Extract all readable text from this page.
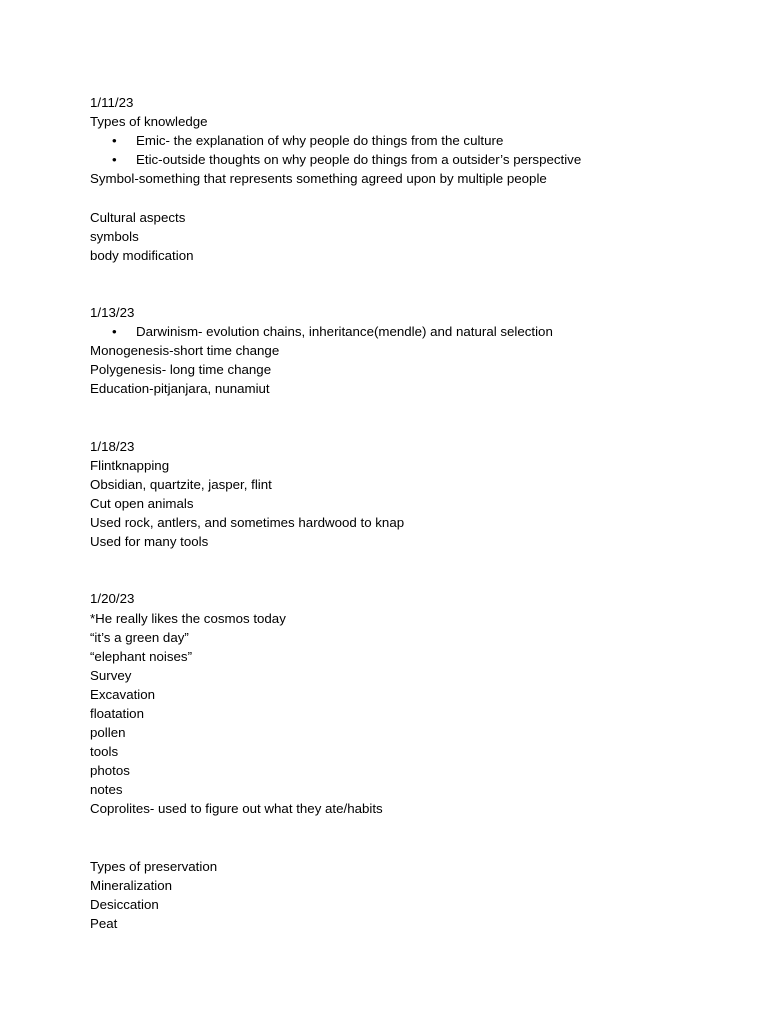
1/11/23
Types of knowledge
• Emic- the explanation of why people do things from the culture
• Etic-outside thoughts on why people do things from a outsider’s perspective
Symbol-something that represents something agreed upon by multiple people
Cultural aspects
symbols
body modification
1/13/23
• Darwinism- evolution chains, inheritance(mendle) and natural selection
Monogenesis-short time change
Polygenesis- long time change
Education-pitjanjara, nunamiut
1/18/23
Flintknapping
Obsidian, quartzite, jasper, flint
Cut open animals
Used rock, antlers, and sometimes hardwood to knap
Used for many tools
1/20/23
*He really likes the cosmos today
“it’s a green day”
“elephant noises”
Survey
Excavation
floatation
pollen
tools
photos
notes
Coprolites- used to figure out what they ate/habits
Types of preservation
Mineralization
Desiccation
Peat
